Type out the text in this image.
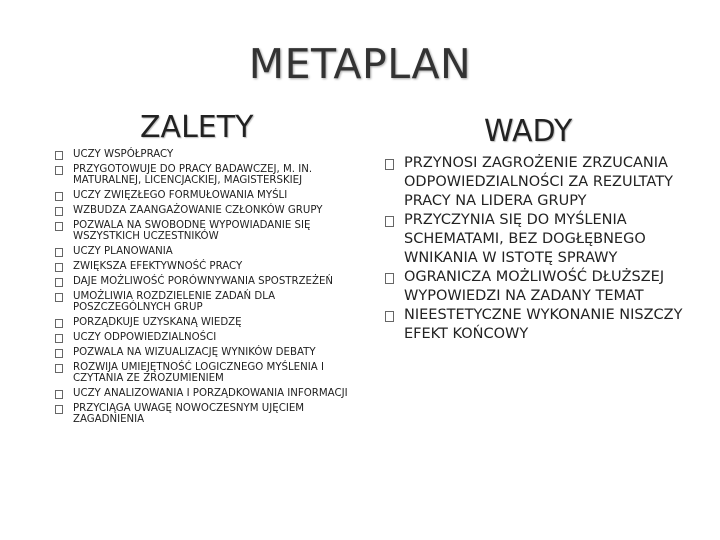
METAPLAN
ZALETY	WADY
UCZY WSPÓŁPRACY
PRZYGOTOWUJE DO PRACY BADAWCZEJ, M. IN. MATURALNEJ, LICENCJACKIEJ, MAGISTERSKIEJ
UCZY ZWIĘZŁEGO FORMUŁOWANIA MYŚLI
WZBUDZA ZAANGAŻOWANIE CZŁONKÓW GRUPY
POZWALA NA SWOBODNE WYPOWIADANIE SIĘ WSZYSTKICH UCZESTNIKÓW
UCZY PLANOWANIA
ZWIĘKSZA EFEKTYWNOŚĆ PRACY
DAJE MOŻLIWOŚĆ PORÓWNYWANIA SPOSTRZEŻEŃ
UMOŻLIWIA ROZDZIELENIE ZADAŃ DLA POSZCZEGÓLNYCH GRUP
PORZĄDKUJE UZYSKANĄ WIEDZĘ
UCZY ODPOWIEDZIALNOŚCI
POZWALA NA WIZUALIZACJĘ WYNIKÓW DEBATY
ROZWIJA UMIEJĘTNOŚĆ LOGICZNEGO MYŚLENIA I CZYTANIA ZE ZROZUMIENIEM
UCZY ANALIZOWANIA I PORZĄDKOWANIA INFORMACJI
PRZYCIĄGA UWAGĘ NOWOCZESNYM UJĘCIEM ZAGADNIENIA
PRZYNOSI ZAGROŻENIE ZRZUCANIA ODPOWIEDZIALNOŚCI ZA REZULTATY PRACY NA LIDERA GRUPY
PRZYCZYNIA SIĘ DO MYŚLENIA SCHEMATAMI, BEZ DOGŁĘBNEGO WNIKANIA W ISTOTĘ SPRAWY
OGRANICZA MOŻLIWOŚĆ DŁUŻSZEJ WYPOWIEDZI NA ZADANY TEMAT
NIEESTETYCZNE WYKONANIE NISZCZY EFEKT KOŃCOWY
